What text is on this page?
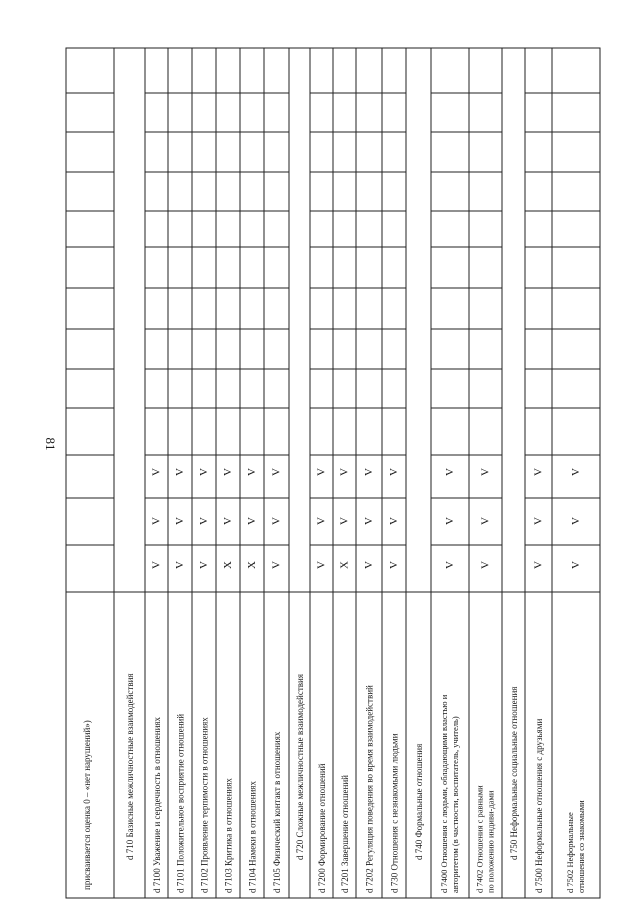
81
присваивается оценка 0 – «нет нарушений»)	d 710 Базисные межличностные взаимодействия d 7100 Уважение и сердечность в отношениях
V
V
V
d 7101 Положительное восприятие отношений
V
V
V
d 7102 Проявление терпимости в отношениях
V
V
V
d 7103 Критика в отношениях
X
V
V
d 7104 Намеки в отношениях
X
V
V
d 7105 Физический контакт в отношениях
V
V
V
d 720 Сложные межличностные взаимодействия d 7200 Формирование отношений
V
V
V
d 7201 Завершение отношений
X
V
V
d 7202 Регуляция поведения во время взаимодействий
V
V
V
d 730 Отношения с незнакомыми людьми
V
V
V
d 740 Формальные отношения d 7400 Отношения с людьми, обладающими властью и авторитетом (в частности, воспитатель, учитель)
V
V
V
d 7402 Отношения с равными по положению индиви-дами
V
V
V
d 750 Неформальные социальные отношения d 7500 Неформальные отношения с друзьями
V
V
V
d 7502 Неформальные отношения со знакомыми
V
V
V
